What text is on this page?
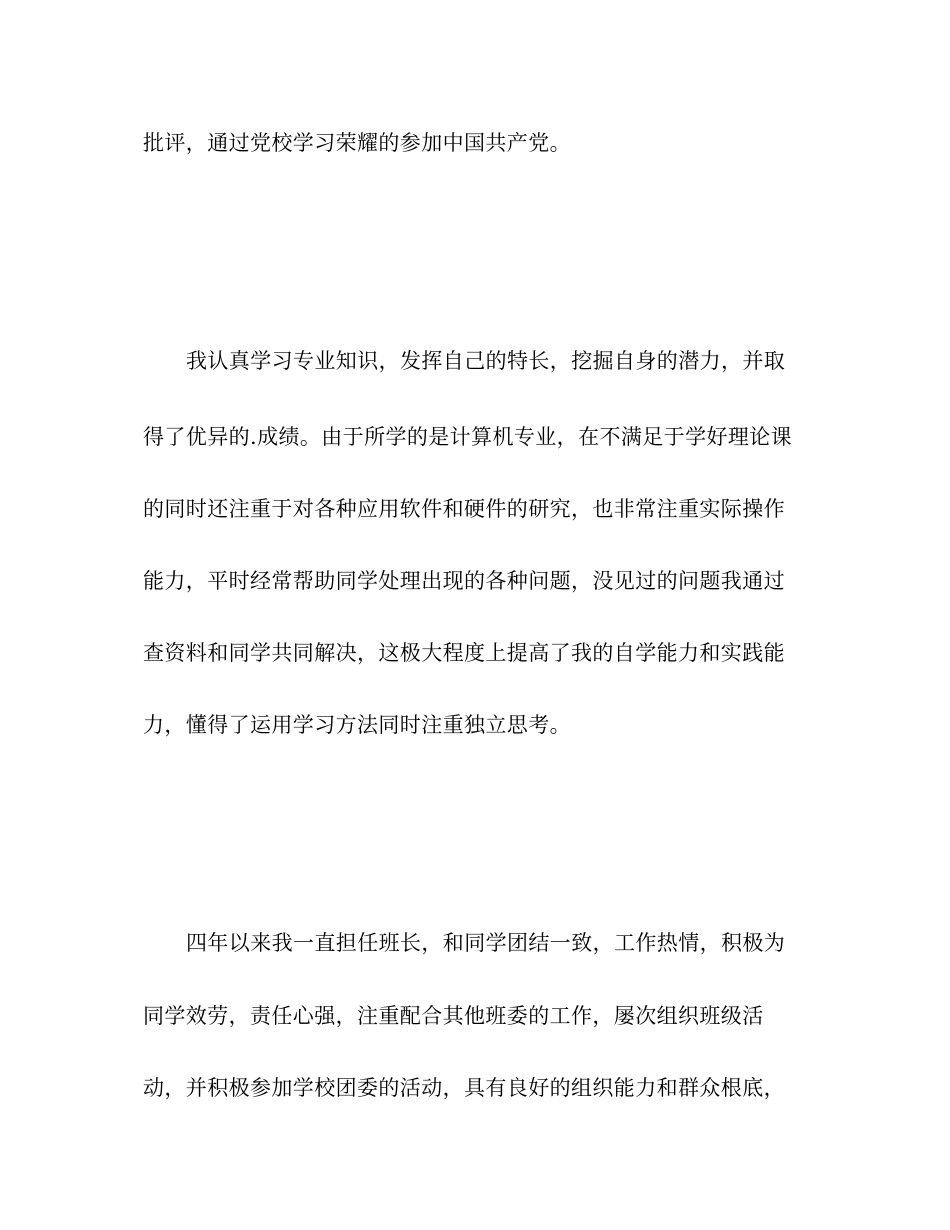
批评，通过党校学习荣耀的参加中国共产党。
我认真学习专业知识，发挥自己的特长，挖掘自身的潜力，并取
得了优异的.成绩。由于所学的是计算机专业，在不满足于学好理论课
的同时还注重于对各种应用软件和硬件的研究，也非常注重实际操作
能力，平时经常帮助同学处理出现的各种问题，没见过的问题我通过
查资料和同学共同解决，这极大程度上提高了我的自学能力和实践能
力，懂得了运用学习方法同时注重独立思考。
四年以来我一直担任班长，和同学团结一致，工作热情，积极为
同学效劳，责任心强，注重配合其他班委的工作，屡次组织班级活
动，并积极参加学校团委的活动，具有良好的组织能力和群众根底，
